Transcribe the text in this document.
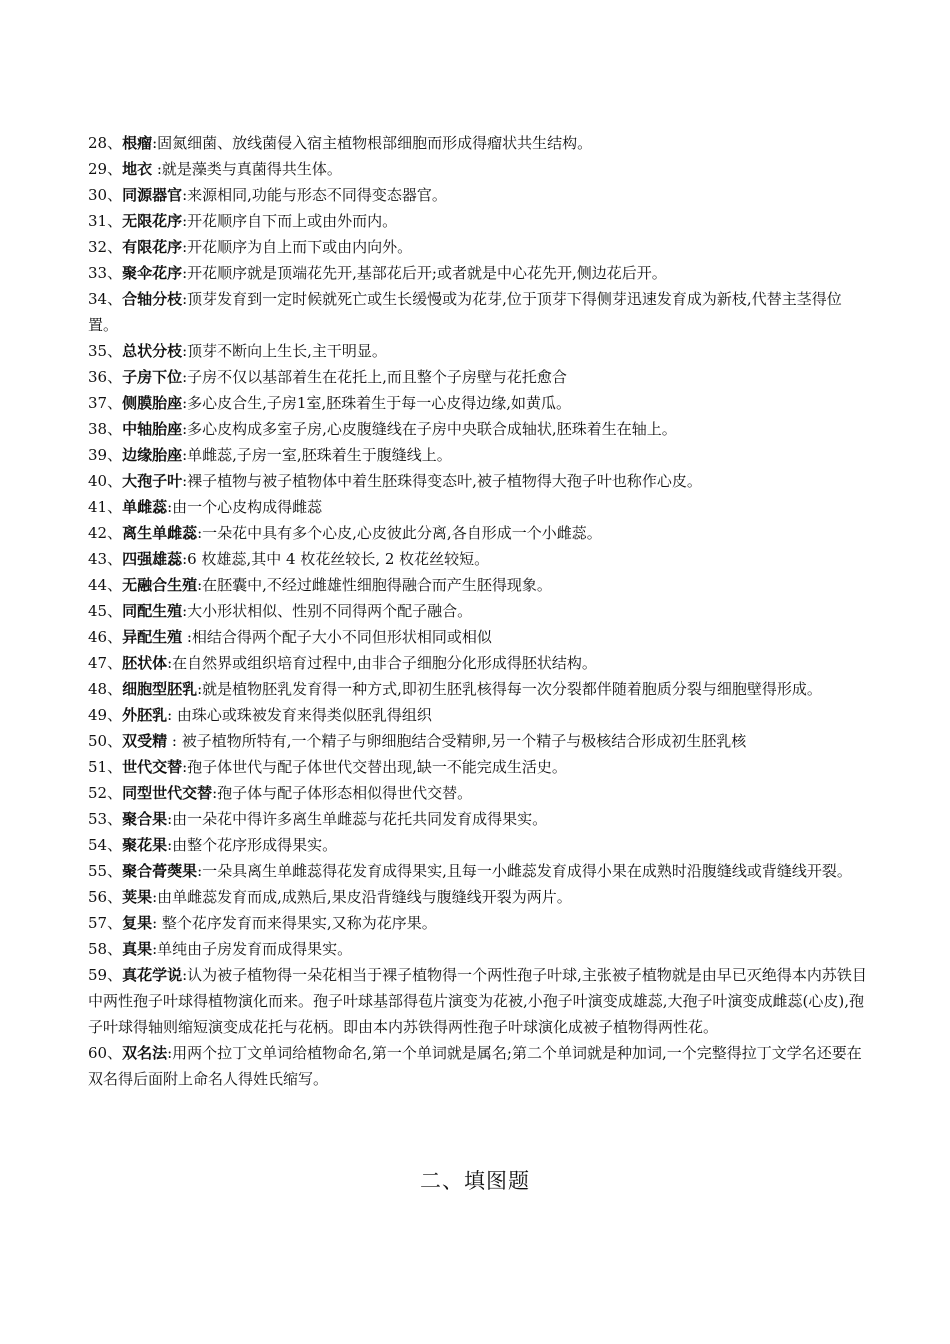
28、根瘤:固氮细菌、放线菌侵入宿主植物根部细胞而形成得瘤状共生结构。

29、地衣 :就是藻类与真菌得共生体。

30、同源器官:来源相同,功能与形态不同得变态器官。

31、无限花序:开花顺序自下而上或由外而内。

32、有限花序:开花顺序为自上而下或由内向外。

33、聚伞花序:开花顺序就是顶端花先开,基部花后开;或者就是中心花先开,侧边花后开。

34、合轴分枝:顶芽发育到一定时候就死亡或生长缓慢或为花芽,位于顶芽下得侧芽迅速发育成为新枝,代替主茎得位置。

35、总状分枝:顶芽不断向上生长,主干明显。

36、子房下位:子房不仅以基部着生在花托上,而且整个子房壁与花托愈合

37、侧膜胎座:多心皮合生,子房1室,胚珠着生于每一心皮得边缘,如黄瓜。

38、中轴胎座:多心皮构成多室子房,心皮腹缝线在子房中央联合成轴状,胚珠着生在轴上。

39、边缘胎座:单雌蕊,子房一室,胚珠着生于腹缝线上。

40、大孢子叶:裸子植物与被子植物体中着生胚珠得变态叶,被子植物得大孢子叶也称作心皮。

41、单雌蕊:由一个心皮构成得雌蕊

42、离生单雌蕊:一朵花中具有多个心皮,心皮彼此分离,各自形成一个小雌蕊。

43、四强雄蕊:6 枚雄蕊,其中 4 枚花丝较长, 2 枚花丝较短。

44、无融合生殖:在胚囊中,不经过雌雄性细胞得融合而产生胚得现象。

45、同配生殖:大小形状相似、性别不同得两个配子融合。

46、异配生殖 :相结合得两个配子大小不同但形状相同或相似

47、胚状体:在自然界或组织培育过程中,由非合子细胞分化形成得胚状结构。

48、细胞型胚乳:就是植物胚乳发育得一种方式,即初生胚乳核得每一次分裂都伴随着胞质分裂与细胞壁得形成。

49、外胚乳: 由珠心或珠被发育来得类似胚乳得组织

50、双受精 : 被子植物所特有,一个精子与卵细胞结合受精卵,另一个精子与极核结合形成初生胚乳核

51、世代交替:孢子体世代与配子体世代交替出现,缺一不能完成生活史。

52、同型世代交替:孢子体与配子体形态相似得世代交替。

53、聚合果:由一朵花中得许多离生单雌蕊与花托共同发育成得果实。

54、聚花果:由整个花序形成得果实。

55、聚合蓇葖果:一朵具离生单雌蕊得花发育成得果实,且每一小雌蕊发育成得小果在成熟时沿腹缝线或背缝线开裂。

56、荚果:由单雌蕊发育而成,成熟后,果皮沿背缝线与腹缝线开裂为两片。

57、复果: 整个花序发育而来得果实,又称为花序果。

58、真果:单纯由子房发育而成得果实。

59、真花学说:认为被子植物得一朵花相当于裸子植物得一个两性孢子叶球,主张被子植物就是由早已灭绝得本内苏铁目中两性孢子叶球得植物演化而来。孢子叶球基部得苞片演变为花被,小孢子叶演变成雄蕊,大孢子叶演变成雌蕊(心皮),孢子叶球得轴则缩短演变成花托与花柄。即由本内苏铁得两性孢子叶球演化成被子植物得两性花。

60、双名法:用两个拉丁文单词给植物命名,第一个单词就是属名;第二个单词就是种加词,一个完整得拉丁文学名还要在双名得后面附上命名人得姓氏缩写。

二、填图题
